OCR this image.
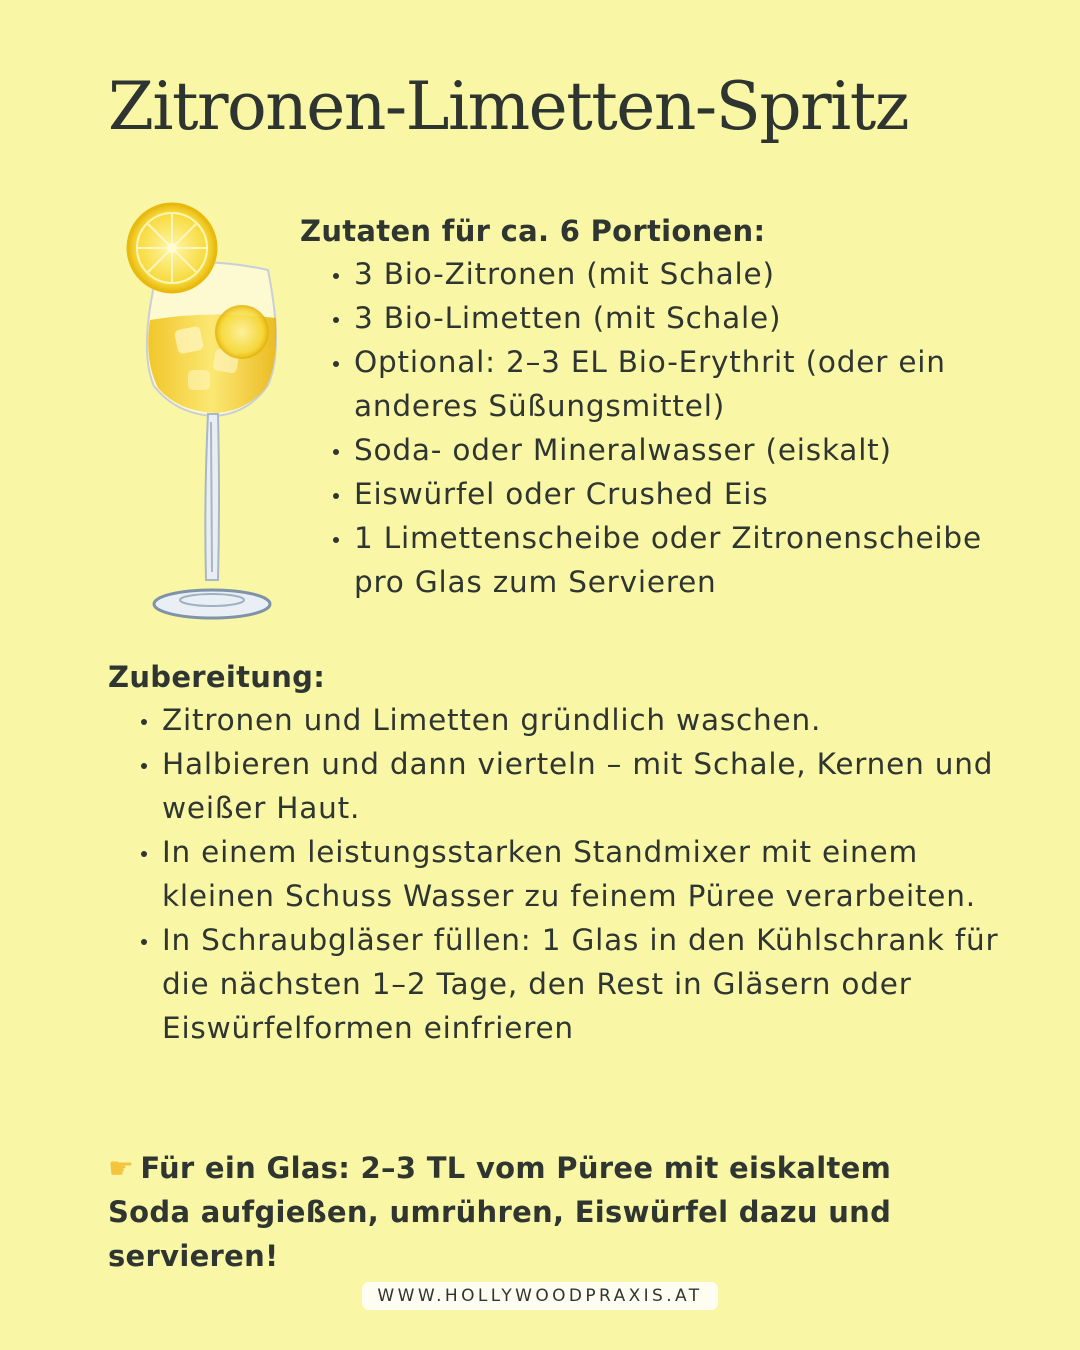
Zitronen-Limetten-Spritz

Zutaten für ca. 6 Portionen:

3 Bio-Zitronen (mit Schale)
3 Bio-Limetten (mit Schale)
Optional: 2–3 EL Bio-Erythrit (oder ein anderes Süßungsmittel)
Soda- oder Mineralwasser (eiskalt)
Eiswürfel oder Crushed Eis
1 Limettenscheibe oder Zitronenscheibe pro Glas zum Servieren

Zubereitung:

Zitronen und Limetten gründlich waschen.
Halbieren und dann vierteln – mit Schale, Kernen und weißer Haut.
In einem leistungsstarken Standmixer mit einem kleinen Schuss Wasser zu feinem Püree verarbeiten.
In Schraubgläser füllen: 1 Glas in den Kühlschrank für die nächsten 1–2 Tage, den Rest in Gläsern oder Eiswürfelformen einfrieren

☛ Für ein Glas: 2–3 TL vom Püree mit eiskaltem Soda aufgießen, umrühren, Eiswürfel dazu und servieren!

WWW.HOLLYWOODPRAXIS.AT
